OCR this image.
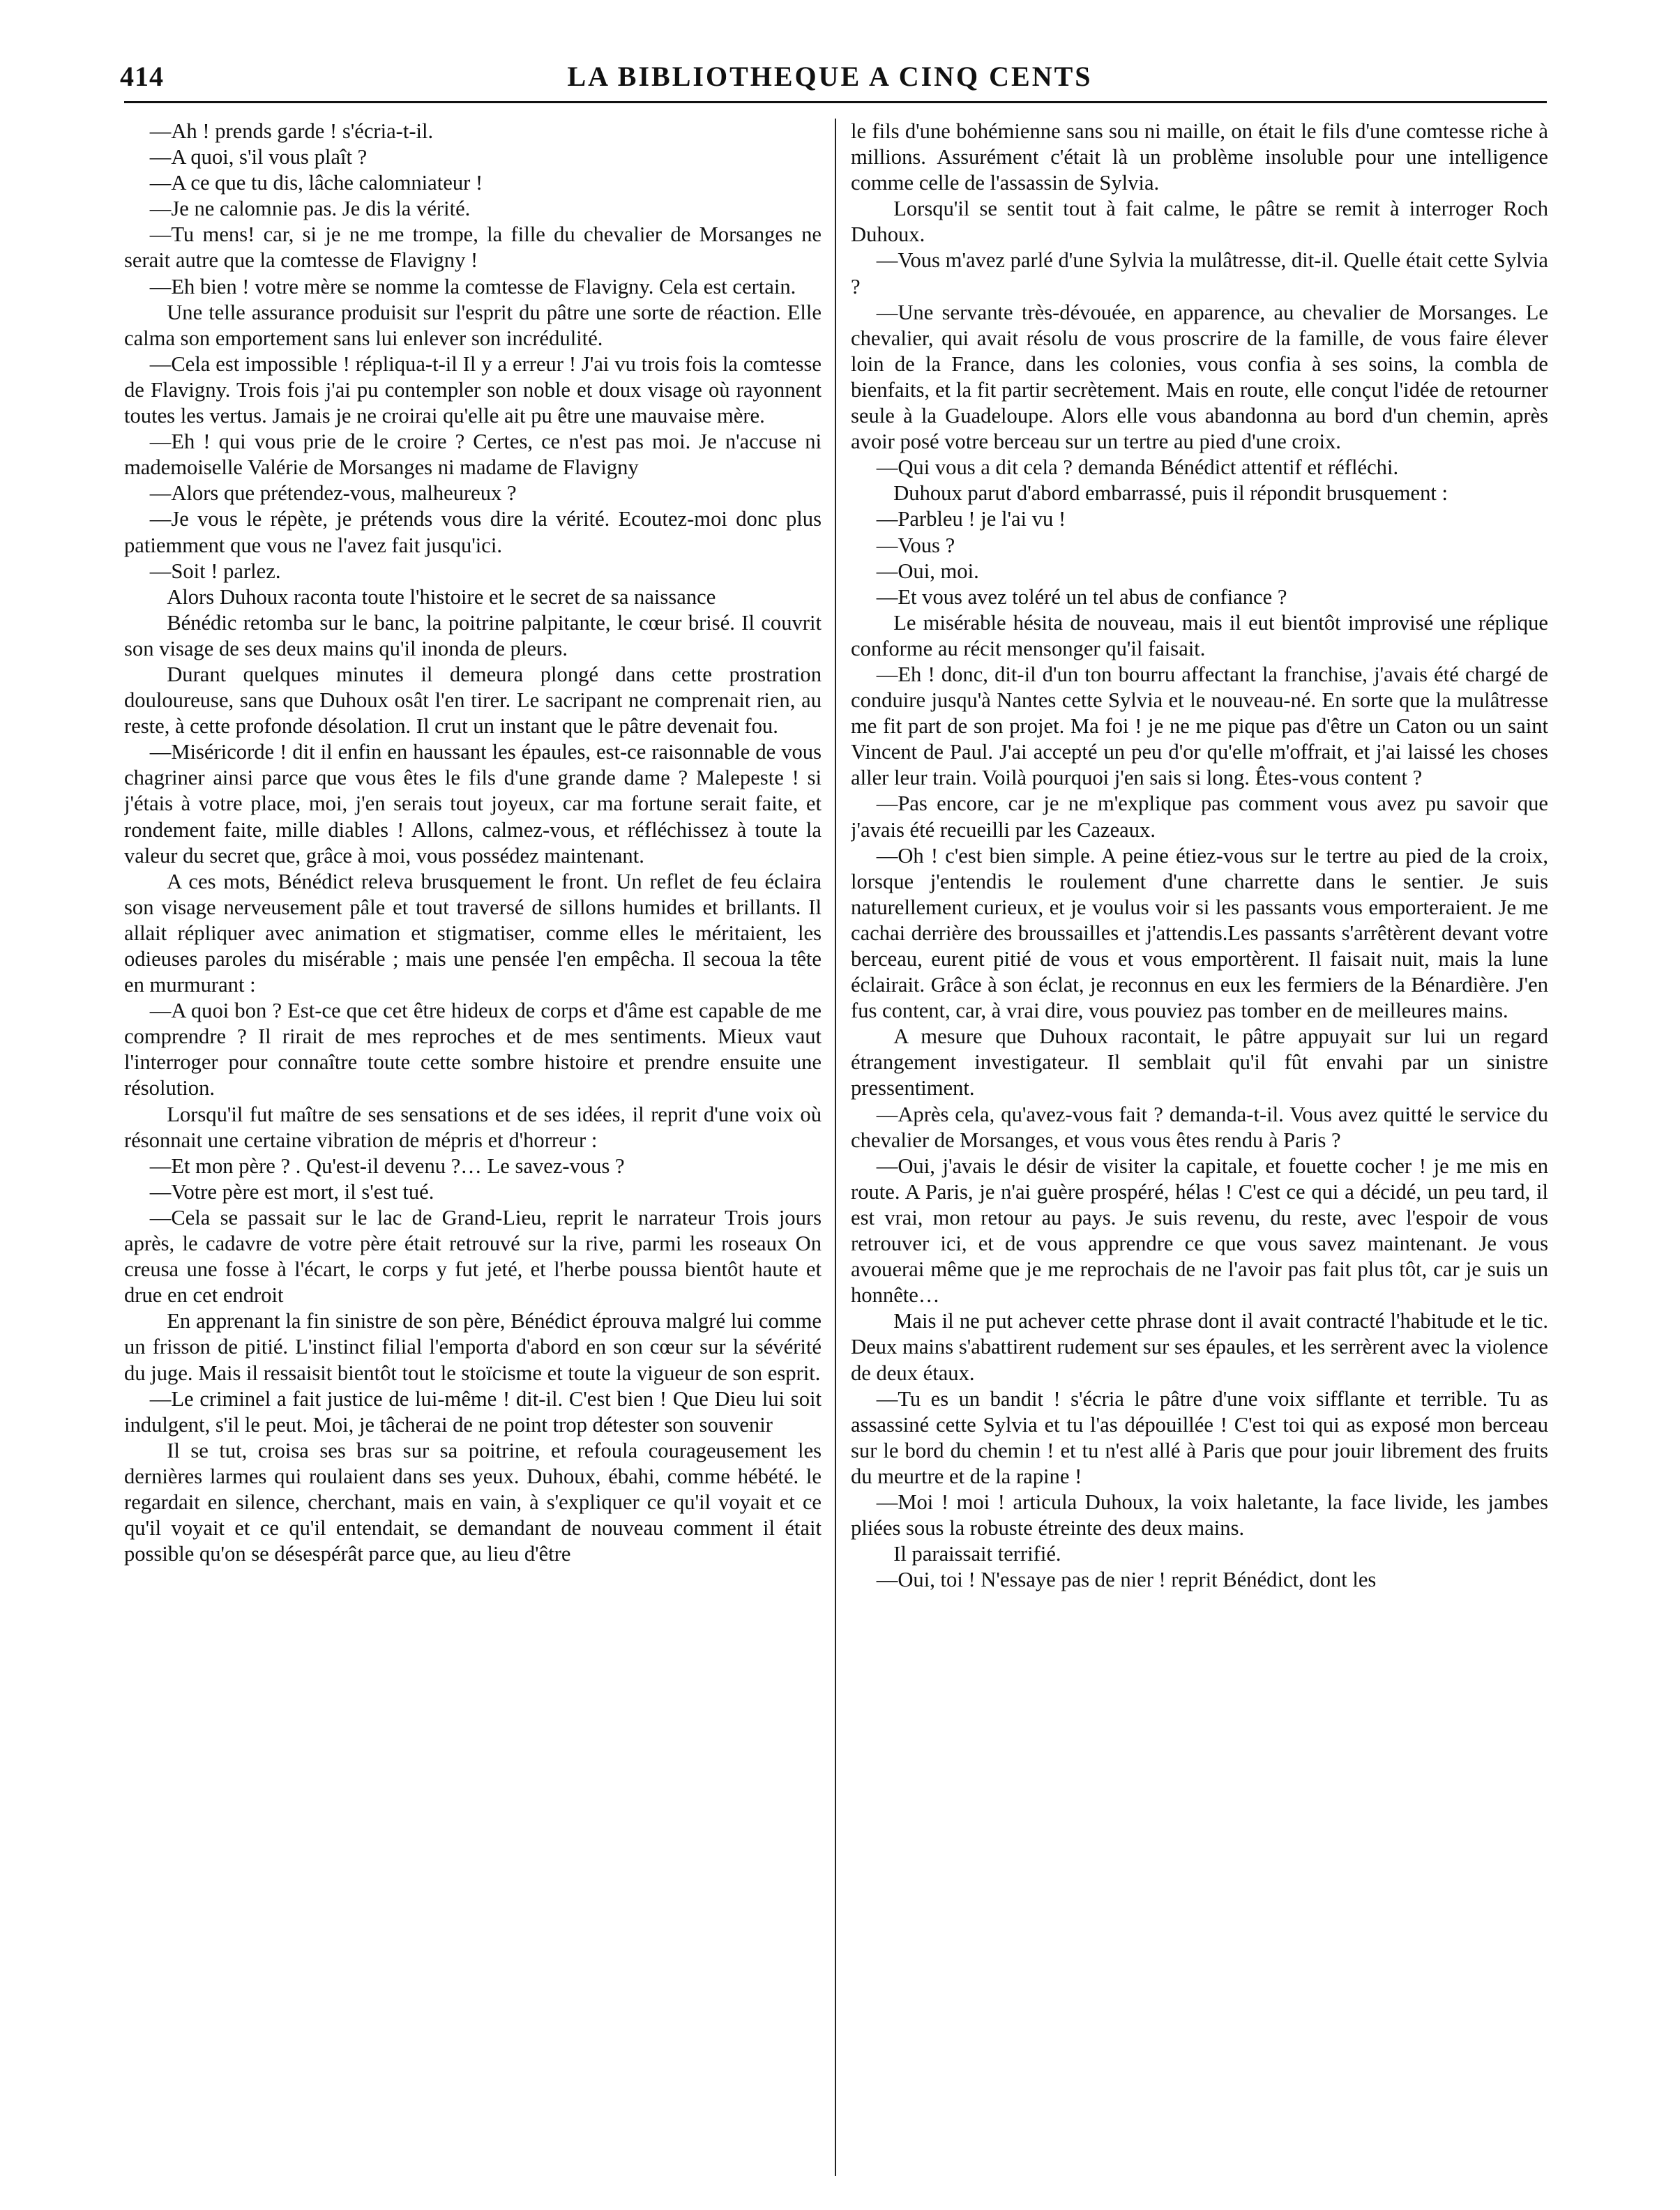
414	LA BIBLIOTHEQUE A CINQ CENTS

—Ah ! prends garde ! s'écria-t-il.

—A quoi, s'il vous plaît ?

—A ce que tu dis, lâche calomniateur !

—Je ne calomnie pas. Je dis la vérité.

—Tu mens! car, si je ne me trompe, la fille du chevalier de Morsanges ne serait autre que la comtesse de Flavigny !

—Eh bien ! votre mère se nomme la comtesse de Flavigny. Cela est certain.

Une telle assurance produisit sur l'esprit du pâtre une sorte de réaction. Elle calma son emportement sans lui enlever son incrédulité.

—Cela est impossible ! répliqua-t-il Il y a erreur ! J'ai vu trois fois la comtesse de Flavigny. Trois fois j'ai pu contempler son noble et doux visage où rayonnent toutes les vertus. Jamais je ne croirai qu'elle ait pu être une mauvaise mère.

—Eh ! qui vous prie de le croire ? Certes, ce n'est pas moi. Je n'accuse ni mademoiselle Valérie de Morsanges ni madame de Flavigny

—Alors que prétendez-vous, malheureux ?

—Je vous le répète, je prétends vous dire la vérité. Ecoutez-moi donc plus patiemment que vous ne l'avez fait jusqu'ici.

—Soit ! parlez.

Alors Duhoux raconta toute l'histoire et le secret de sa naissance

Bénédic retomba sur le banc, la poitrine palpitante, le cœur brisé. Il couvrit son visage de ses deux mains qu'il inonda de pleurs.

Durant quelques minutes il demeura plongé dans cette prostration douloureuse, sans que Duhoux osât l'en tirer. Le sacripant ne comprenait rien, au reste, à cette profonde désolation. Il crut un instant que le pâtre devenait fou.

—Miséricorde ! dit il enfin en haussant les épaules, est-ce raisonnable de vous chagriner ainsi parce que vous êtes le fils d'une grande dame ? Malepeste ! si j'étais à votre place, moi, j'en serais tout joyeux, car ma fortune serait faite, et rondement faite, mille diables ! Allons, calmez-vous, et réfléchissez à toute la valeur du secret que, grâce à moi, vous possédez maintenant.

A ces mots, Bénédict releva brusquement le front. Un reflet de feu éclaira son visage nerveusement pâle et tout traversé de sillons humides et brillants. Il allait répliquer avec animation et stigmatiser, comme elles le méritaient, les odieuses paroles du misérable ; mais une pensée l'en empêcha. Il secoua la tête en murmurant :

—A quoi bon ? Est-ce que cet être hideux de corps et d'âme est capable de me comprendre ? Il rirait de mes reproches et de mes sentiments. Mieux vaut l'interroger pour connaître toute cette sombre histoire et prendre ensuite une résolution.

Lorsqu'il fut maître de ses sensations et de ses idées, il reprit d'une voix où résonnait une certaine vibration de mépris et d'horreur :

—Et mon père ? . Qu'est-il devenu ?… Le savez-vous ?

—Votre père est mort, il s'est tué.

—Cela se passait sur le lac de Grand-Lieu, reprit le narrateur Trois jours après, le cadavre de votre père était retrouvé sur la rive, parmi les roseaux On creusa une fosse à l'écart, le corps y fut jeté, et l'herbe poussa bientôt haute et drue en cet endroit

En apprenant la fin sinistre de son père, Bénédict éprouva malgré lui comme un frisson de pitié. L'instinct filial l'emporta d'abord en son cœur sur la sévérité du juge. Mais il ressaisit bientôt tout le stoïcisme et toute la vigueur de son esprit.

—Le criminel a fait justice de lui-même ! dit-il. C'est bien ! Que Dieu lui soit indulgent, s'il le peut. Moi, je tâcherai de ne point trop détester son souvenir

Il se tut, croisa ses bras sur sa poitrine, et refoula courageusement les dernières larmes qui roulaient dans ses yeux. Duhoux, ébahi, comme hébété. le regardait en silence, cherchant, mais en vain, à s'expliquer ce qu'il voyait et ce qu'il voyait et ce qu'il entendait, se demandant de nouveau comment il était possible qu'on se désespérât parce que, au lieu d'être

le fils d'une bohémienne sans sou ni maille, on était le fils d'une comtesse riche à millions. Assurément c'était là un problème insoluble pour une intelligence comme celle de l'assassin de Sylvia.

Lorsqu'il se sentit tout à fait calme, le pâtre se remit à interroger Roch Duhoux.

—Vous m'avez parlé d'une Sylvia la mulâtresse, dit-il. Quelle était cette Sylvia ?

—Une servante très-dévouée, en apparence, au chevalier de Morsanges. Le chevalier, qui avait résolu de vous proscrire de la famille, de vous faire élever loin de la France, dans les colonies, vous confia à ses soins, la combla de bienfaits, et la fit partir secrètement. Mais en route, elle conçut l'idée de retourner seule à la Guadeloupe. Alors elle vous abandonna au bord d'un chemin, après avoir posé votre berceau sur un tertre au pied d'une croix.

—Qui vous a dit cela ? demanda Bénédict attentif et réfléchi.

Duhoux parut d'abord embarrassé, puis il répondit brusquement :

—Parbleu ! je l'ai vu !

—Vous ?

—Oui, moi.

—Et vous avez toléré un tel abus de confiance ?

Le misérable hésita de nouveau, mais il eut bientôt improvisé une réplique conforme au récit mensonger qu'il faisait.

—Eh ! donc, dit-il d'un ton bourru affectant la franchise, j'avais été chargé de conduire jusqu'à Nantes cette Sylvia et le nouveau-né. En sorte que la mulâtresse me fit part de son projet. Ma foi ! je ne me pique pas d'être un Caton ou un saint Vincent de Paul. J'ai accepté un peu d'or qu'elle m'offrait, et j'ai laissé les choses aller leur train. Voilà pourquoi j'en sais si long. Êtes-vous content ?

—Pas encore, car je ne m'explique pas comment vous avez pu savoir que j'avais été recueilli par les Cazeaux.

—Oh ! c'est bien simple. A peine étiez-vous sur le tertre au pied de la croix, lorsque j'entendis le roulement d'une charrette dans le sentier. Je suis naturellement curieux, et je voulus voir si les passants vous emporteraient. Je me cachai derrière des broussailles et j'attendis.Les passants s'arrêtèrent devant votre berceau, eurent pitié de vous et vous emportèrent. Il faisait nuit, mais la lune éclairait. Grâce à son éclat, je reconnus en eux les fermiers de la Bénardière. J'en fus content, car, à vrai dire, vous pouviez pas tomber en de meilleures mains.

A mesure que Duhoux racontait, le pâtre appuyait sur lui un regard étrangement investigateur. Il semblait qu'il fût envahi par un sinistre pressentiment.

—Après cela, qu'avez-vous fait ? demanda-t-il. Vous avez quitté le service du chevalier de Morsanges, et vous vous êtes rendu à Paris ?

—Oui, j'avais le désir de visiter la capitale, et fouette cocher ! je me mis en route. A Paris, je n'ai guère prospéré, hélas ! C'est ce qui a décidé, un peu tard, il est vrai, mon retour au pays. Je suis revenu, du reste, avec l'espoir de vous retrouver ici, et de vous apprendre ce que vous savez maintenant. Je vous avouerai même que je me reprochais de ne l'avoir pas fait plus tôt, car je suis un honnête…

Mais il ne put achever cette phrase dont il avait contracté l'habitude et le tic. Deux mains s'abattirent rudement sur ses épaules, et les serrèrent avec la violence de deux étaux.

—Tu es un bandit ! s'écria le pâtre d'une voix sifflante et terrible. Tu as assassiné cette Sylvia et tu l'as dépouillée ! C'est toi qui as exposé mon berceau sur le bord du chemin ! et tu n'est allé à Paris que pour jouir librement des fruits du meurtre et de la rapine !

—Moi ! moi ! articula Duhoux, la voix haletante, la face livide, les jambes pliées sous la robuste étreinte des deux mains.

Il paraissait terrifié.

—Oui, toi ! N'essaye pas de nier ! reprit Bénédict, dont les
